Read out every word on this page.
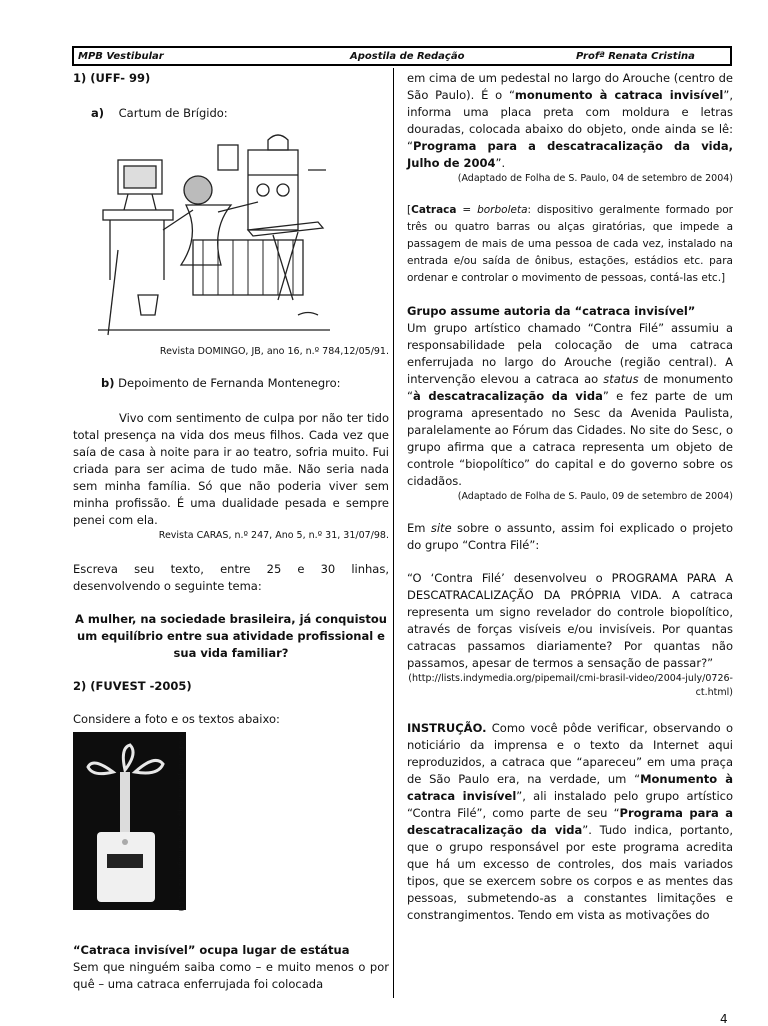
MPB Vestibular	Apostila de Redação	Profª Renata Cristina

1) (UFF- 99)

a) Cartum de Brígido:

Revista DOMINGO, JB, ano 16, n.º 784,12/05/91.

b) Depoimento de Fernanda Montenegro:

Vivo com sentimento de culpa por não ter tido total presença na vida dos meus filhos. Cada vez que saía de casa à noite para ir ao teatro, sofria muito. Fui criada para ser acima de tudo mãe. Não seria nada sem minha família. Só que não poderia viver sem minha profissão. É uma dualidade pesada e sempre penei com ela.

Revista CARAS, n.º 247, Ano 5, n.º 31, 31/07/98.

Escreva seu texto, entre 25 e 30 linhas, desenvolvendo o seguinte tema:

A mulher, na sociedade brasileira, já conquistou um equilíbrio entre sua atividade profissional e sua vida familiar?

2) (FUVEST -2005)

Considere a foto e os textos abaixo:

Crédito foto: Jefferson Coppola / Folha Imagem (02 set. 04)

“Catraca invisível” ocupa lugar de estátua

Sem que ninguém saiba como – e muito menos o por quê – uma catraca enferrujada foi colocada

em cima de um pedestal no largo do Arouche (centro de São Paulo). É o “monumento à catraca invisível”, informa uma placa preta com moldura e letras douradas, colocada abaixo do objeto, onde ainda se lê: “Programa para a descatracalização da vida, Julho de 2004”.

(Adaptado de Folha de S. Paulo, 04 de setembro de 2004)

[Catraca = borboleta: dispositivo geralmente formado por três ou quatro barras ou alças giratórias, que impede a passagem de mais de uma pessoa de cada vez, instalado na entrada e/ou saída de ônibus, estações, estádios etc. para ordenar e controlar o movimento de pessoas, contá-las etc.]

Grupo assume autoria da “catraca invisível”

Um grupo artístico chamado “Contra Filé” assumiu a responsabilidade pela colocação de uma catraca enferrujada no largo do Arouche (região central). A intervenção elevou a catraca ao status de monumento “à descatracalização da vida” e fez parte de um programa apresentado no Sesc da Avenida Paulista, paralelamente ao Fórum das Cidades. No site do Sesc, o grupo afirma que a catraca representa um objeto de controle “biopolítico” do capital e do governo sobre os cidadãos.

(Adaptado de Folha de S. Paulo, 09 de setembro de 2004)

Em site sobre o assunto, assim foi explicado o projeto do grupo “Contra Filé”:

“O ‘Contra Filé’ desenvolveu o PROGRAMA PARA A DESCATRACALIZAÇÃO DA PRÓPRIA VIDA. A catraca representa um signo revelador do controle biopolítico, através de forças visíveis e/ou invisíveis. Por quantas catracas passamos diariamente? Por quantas não passamos, apesar de termos a sensação de passar?”

(http://lists.indymedia.org/pipemail/cmi-brasil-video/2004-july/0726-ct.html)

INSTRUÇÃO. Como você pôde verificar, observando o noticiário da imprensa e o texto da Internet aqui reproduzidos, a catraca que “apareceu” em uma praça de São Paulo era, na verdade, um “Monumento à catraca invisível”, ali instalado pelo grupo artístico “Contra Filé”, como parte de seu “Programa para a descatracalização da vida”. Tudo indica, portanto, que o grupo responsável por este programa acredita que há um excesso de controles, dos mais variados tipos, que se exercem sobre os corpos e as mentes das pessoas, submetendo-as a constantes limitações e constrangimentos. Tendo em vista as motivações do

4
